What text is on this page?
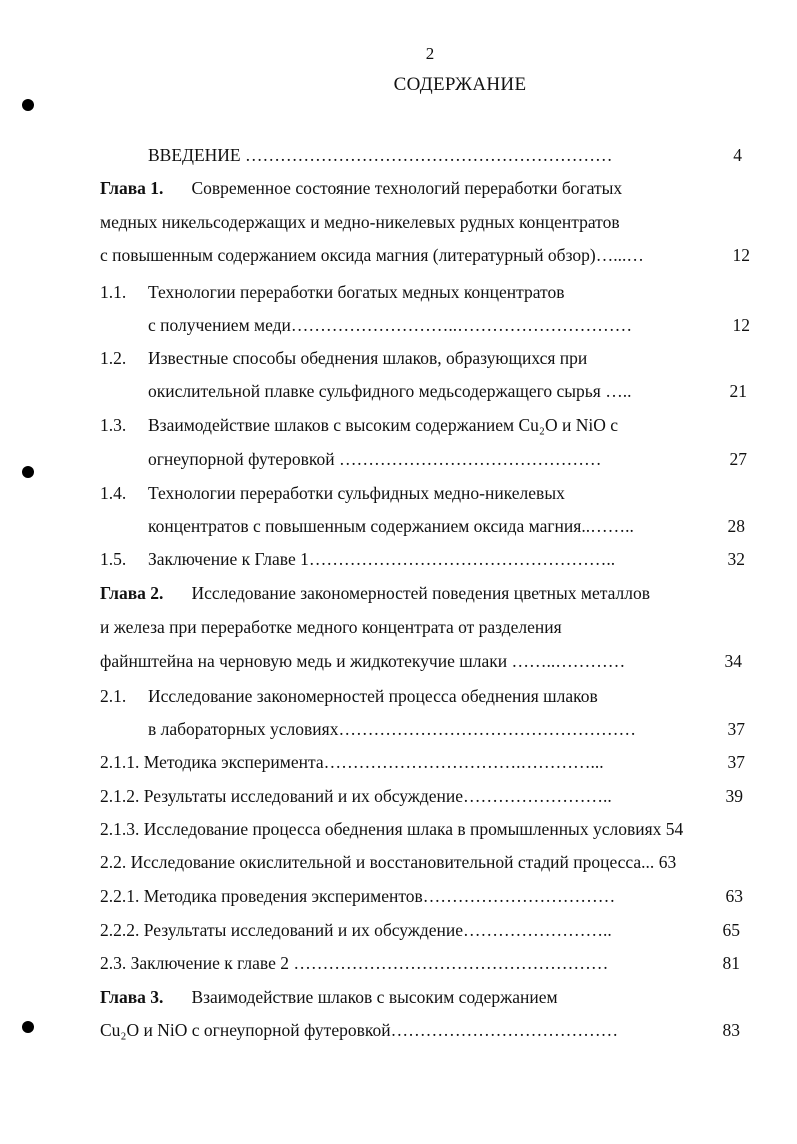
2
СОДЕРЖАНИЕ
ВВЕДЕНИЕ ………………………………………………………	4
Глава 1. Современное состояние технологий переработки богатых
медных никельсодержащих и медно-никелевых рудных концентратов
с повышенным содержанием оксида магния (литературный обзор)…...…	12
1.1. Технологии переработки богатых медных концентратов
с получением меди………………………..…………………………	12
1.2. Известные способы обеднения шлаков, образующихся при
окислительной плавке сульфидного медьсодержащего сырья …..	21
1.3. Взаимодействие шлаков с высоким содержанием Cu₂O и NiO с
огнеупорной футеровкой ………………………………………	27
1.4. Технологии переработки сульфидных медно-никелевых
концентратов с повышенным содержанием оксида магния..……..	28
1.5. Заключение к Главе 1……………………………………………..	32
Глава 2. Исследование закономерностей поведения цветных металлов
и железа при переработке медного концентрата от разделения
файнштейна на черновую медь и жидкотекучие шлаки ……..…………	34
2.1. Исследование закономерностей процесса обеднения шлаков
в лабораторных условиях……………………………………………	37
2.1.1. Методика эксперимента…………………………….…………...	37
2.1.2. Результаты исследований и их обсуждение……………………..	39
2.1.3. Исследование процесса обеднения шлака в промышленных условиях 54
2.2. Исследование окислительной и восстановительной стадий процесса... 63
2.2.1. Методика проведения экспериментов……………………………	63
2.2.2. Результаты исследований и их обсуждение……………………..	65
2.3. Заключение к главе 2 ………………………………………………	81
Глава 3. Взаимодействие шлаков с высоким содержанием
Cu₂O и NiO с огнеупорной футеровкой…………………………………	83
